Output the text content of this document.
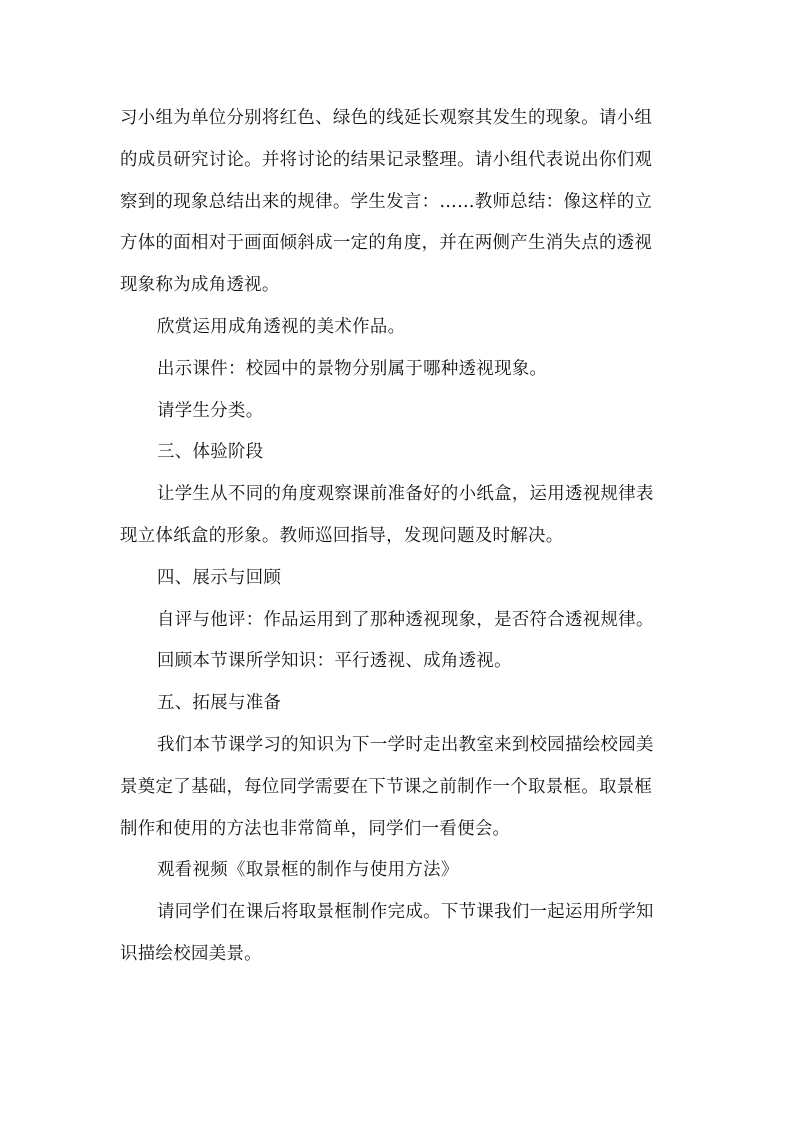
习小组为单位分别将红色、绿色的线延长观察其发生的现象。请小组的成员研究讨论。并将讨论的结果记录整理。请小组代表说出你们观察到的现象总结出来的规律。学生发言：……教师总结：像这样的立方体的面相对于画面倾斜成一定的角度，并在两侧产生消失点的透视现象称为成角透视。

欣赏运用成角透视的美术作品。

出示课件：校园中的景物分别属于哪种透视现象。

请学生分类。

三、体验阶段

让学生从不同的角度观察课前准备好的小纸盒，运用透视规律表现立体纸盒的形象。教师巡回指导，发现问题及时解决。

四、展示与回顾

自评与他评：作品运用到了那种透视现象，是否符合透视规律。

回顾本节课所学知识：平行透视、成角透视。

五、拓展与准备

我们本节课学习的知识为下一学时走出教室来到校园描绘校园美景奠定了基础，每位同学需要在下节课之前制作一个取景框。取景框制作和使用的方法也非常简单，同学们一看便会。

观看视频《取景框的制作与使用方法》

请同学们在课后将取景框制作完成。下节课我们一起运用所学知识描绘校园美景。
